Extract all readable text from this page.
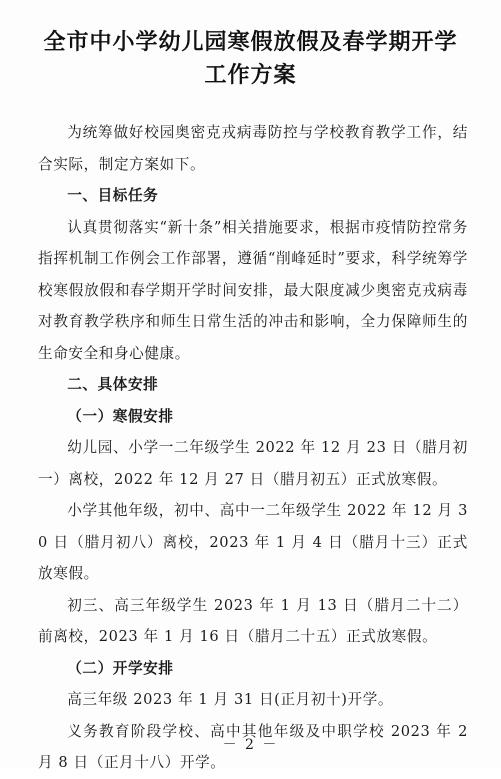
全市中小学幼儿园寒假放假及春学期开学
工作方案

为统筹做好校园奥密克戎病毒防控与学校教育教学工作，结合实际，制定方案如下。

一、目标任务

认真贯彻落实“新十条”相关措施要求，根据市疫情防控常务指挥机制工作例会工作部署，遵循“削峰延时”要求，科学统筹学校寒假放假和春学期开学时间安排，最大限度减少奥密克戎病毒对教育教学秩序和师生日常生活的冲击和影响，全力保障师生的生命安全和身心健康。

二、具体安排

（一）寒假安排

幼儿园、小学一二年级学生 2022 年 12 月 23 日（腊月初一）离校，2022 年 12 月 27 日（腊月初五）正式放寒假。

小学其他年级，初中、高中一二年级学生 2022 年 12 月 30 日（腊月初八）离校，2023 年 1 月 4 日（腊月十三）正式放寒假。

初三、高三年级学生 2023 年 1 月 13 日（腊月二十二）前离校，2023 年 1 月 16 日（腊月二十五）正式放寒假。

（二）开学安排

高三年级 2023 年 1 月 31 日(正月初十)开学。

义务教育阶段学校、高中其他年级及中职学校 2023 年 2 月 8 日（正月十八）开学。

－ 2 －
